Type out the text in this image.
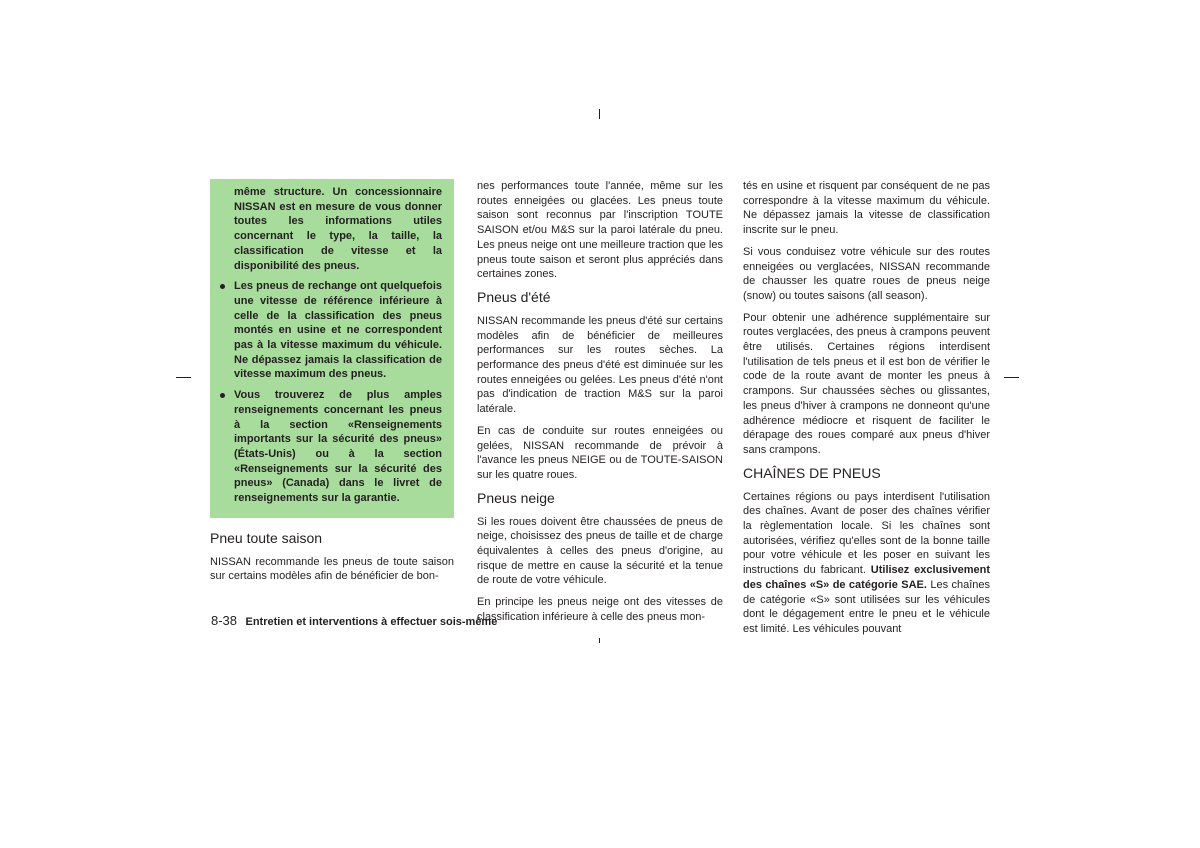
même structure. Un concessionnaire NISSAN est en mesure de vous donner toutes les informations utiles concernant le type, la taille, la classification de vitesse et la disponibilité des pneus.

Les pneus de rechange ont quelquefois une vitesse de référence inférieure à celle de la classification des pneus montés en usine et ne correspondent pas à la vitesse maximum du véhicule. Ne dépassez jamais la classification de vitesse maximum des pneus.
Vous trouverez de plus amples renseignements concernant les pneus à la section «Renseignements importants sur la sécurité des pneus» (États-Unis) ou à la section «Renseignements sur la sécurité des pneus» (Canada) dans le livret de renseignements sur la garantie.
Pneu toute saison

NISSAN recommande les pneus de toute saison sur certains modèles afin de bénéficier de bon-

nes performances toute l'année, même sur les routes enneigées ou glacées. Les pneus toute saison sont reconnus par l'inscription TOUTE SAISON et/ou M&S sur la paroi latérale du pneu. Les pneus neige ont une meilleure traction que les pneus toute saison et seront plus appréciés dans certaines zones.

Pneus d'été

NISSAN recommande les pneus d'été sur certains modèles afin de bénéficier de meilleures performances sur les routes sèches. La performance des pneus d'été est diminuée sur les routes enneigées ou gelées. Les pneus d'été n'ont pas d'indication de traction M&S sur la paroi latérale.

En cas de conduite sur routes enneigées ou gelées, NISSAN recommande de prévoir à l'avance les pneus NEIGE ou de TOUTE-SAISON sur les quatre roues.

Pneus neige

Si les roues doivent être chaussées de pneus de neige, choisissez des pneus de taille et de charge équivalentes à celles des pneus d'origine, au risque de mettre en cause la sécurité et la tenue de route de votre véhicule.

En principe les pneus neige ont des vitesses de classification inférieure à celle des pneus mon-

tés en usine et risquent par conséquent de ne pas correspondre à la vitesse maximum du véhicule. Ne dépassez jamais la vitesse de classification inscrite sur le pneu.

Si vous conduisez votre véhicule sur des routes enneigées ou verglacées, NISSAN recommande de chausser les quatre roues de pneus neige (snow) ou toutes saisons (all season).

Pour obtenir une adhérence supplémentaire sur routes verglacées, des pneus à crampons peuvent être utilisés. Certaines régions interdisent l'utilisation de tels pneus et il est bon de vérifier le code de la route avant de monter les pneus à crampons. Sur chaussées sèches ou glissantes, les pneus d'hiver à crampons ne donneont qu'une adhérence médiocre et risquent de faciliter le dérapage des roues comparé aux pneus d'hiver sans crampons.

CHAÎNES DE PNEUS

Certaines régions ou pays interdisent l'utilisation des chaînes. Avant de poser des chaînes vérifier la règlementation locale. Si les chaînes sont autorisées, vérifiez qu'elles sont de la bonne taille pour votre véhicule et les poser en suivant les instructions du fabricant. Utilisez exclusivement des chaînes «S» de catégorie SAE. Les chaînes de catégorie «S» sont utilisées sur les véhicules dont le dégagement entre le pneu et le véhicule est limité. Les véhicules pouvant

8-38 Entretien et interventions à effectuer sois-même
